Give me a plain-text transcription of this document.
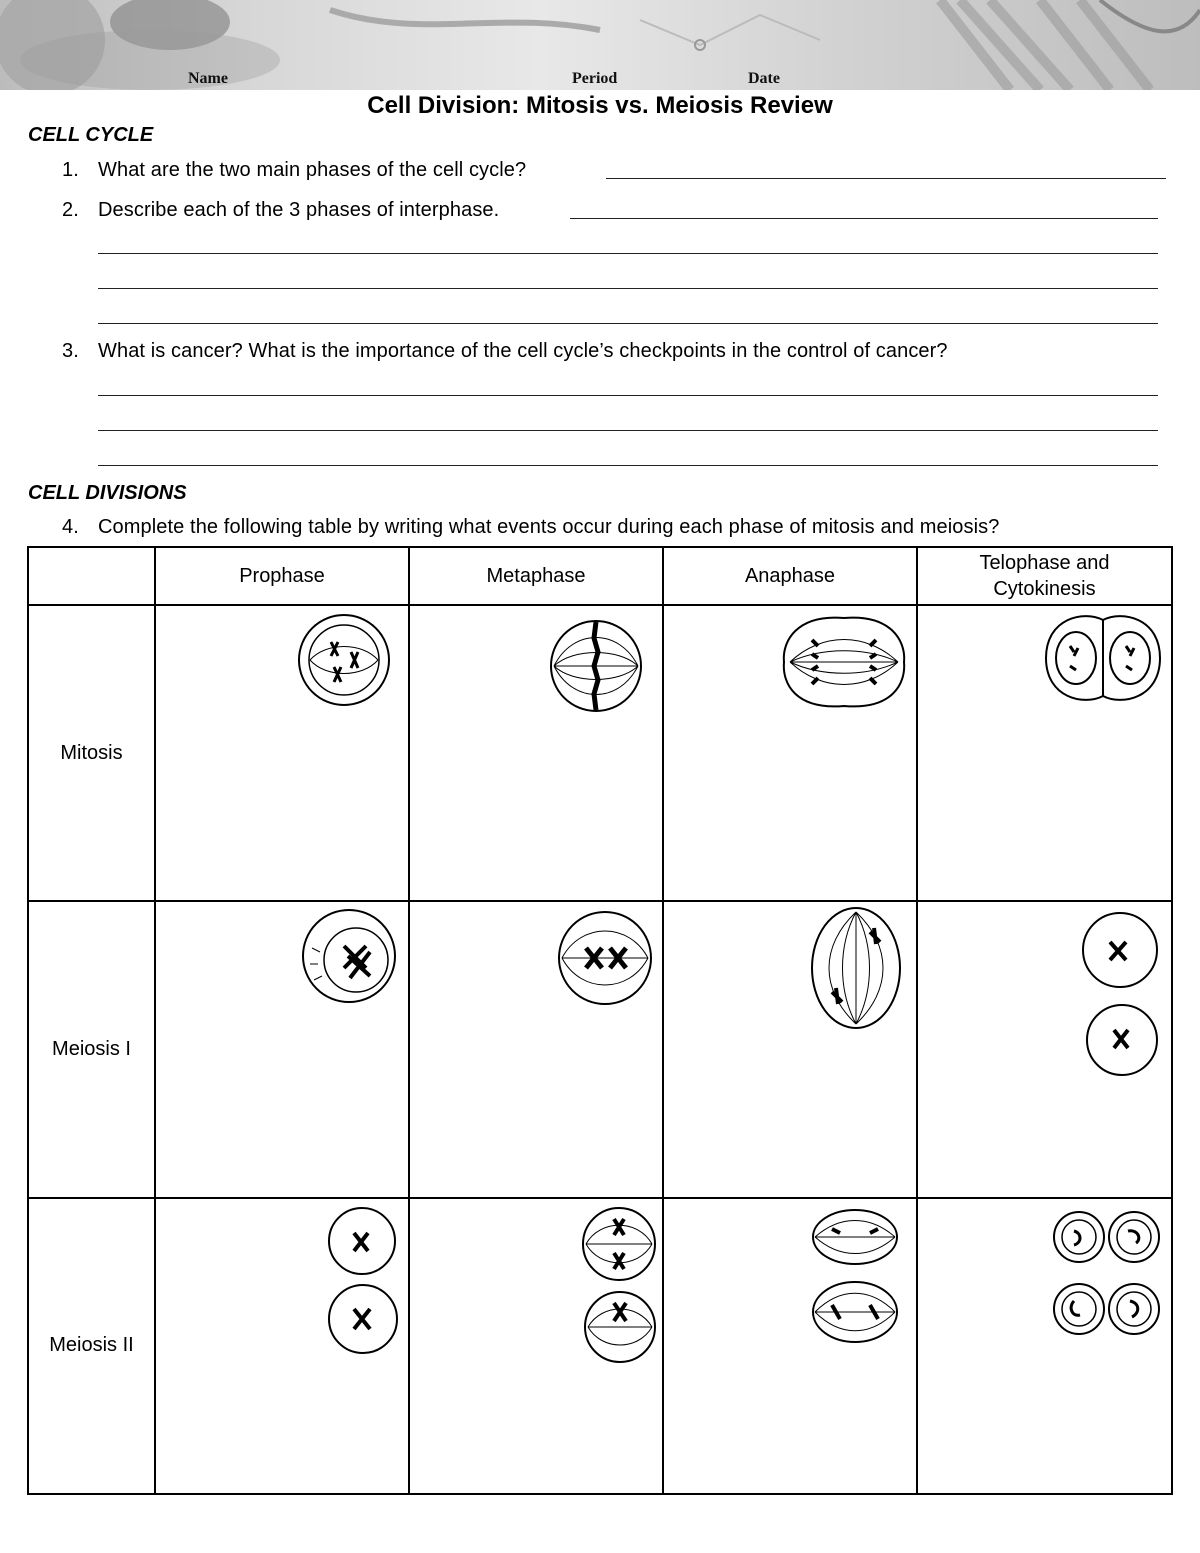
Name	Period	Date
Cell Division: Mitosis vs. Meiosis Review
CELL CYCLE
1. What are the two main phases of the cell cycle?
2. Describe each of the 3 phases of interphase.
3. What is cancer? What is the importance of the cell cycle’s checkpoints in the control of cancer?
CELL DIVISIONS
4. Complete the following table by writing what events occur during each phase of mitosis and meiosis?
	Prophase	Metaphase	Anaphase	Telophase and Cytokinesis
Mitosis	

Meiosis I	

Meiosis II	
